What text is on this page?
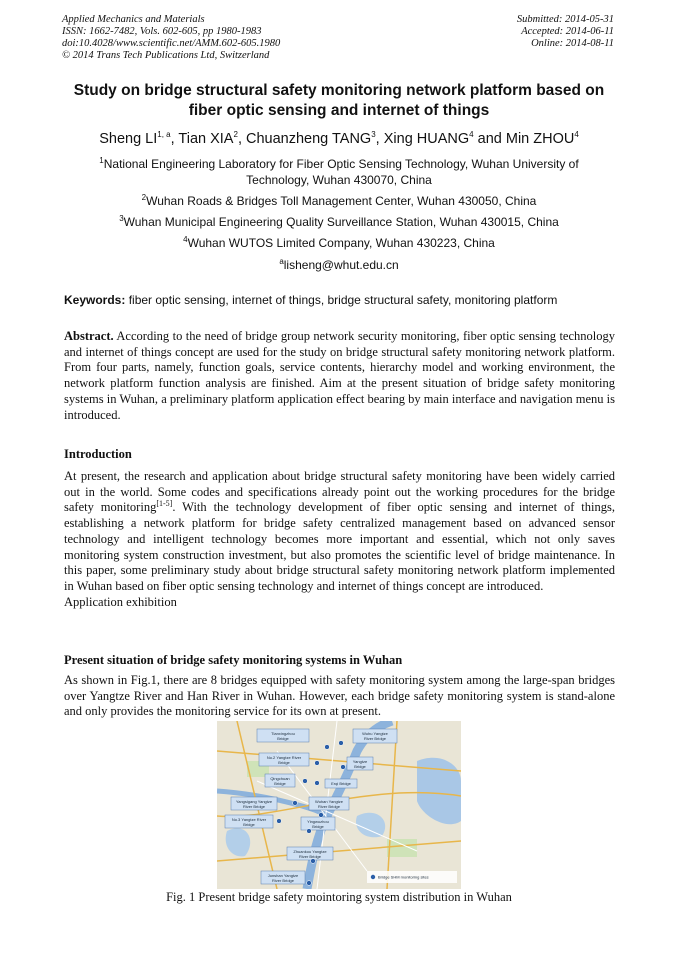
Applied Mechanics and Materials
ISSN: 1662-7482, Vols. 602-605, pp 1980-1983
doi:10.4028/www.scientific.net/AMM.602-605.1980
© 2014 Trans Tech Publications Ltd, Switzerland
Submitted: 2014-05-31
Accepted: 2014-06-11
Online: 2014-08-11
Study on bridge structural safety monitoring network platform based on fiber optic sensing and internet of things
Sheng LI$^{1, a}$, Tian XIA$^2$, Chuanzheng TANG$^3$, Xing HUANG$^4$ and Min ZHOU$^4$
$^1$National Engineering Laboratory for Fiber Optic Sensing Technology, Wuhan University of Technology, Wuhan 430070, China
$^2$Wuhan Roads & Bridges Toll Management Center, Wuhan 430050, China
$^3$Wuhan Municipal Engineering Quality Surveillance Station, Wuhan 430015, China
$^4$Wuhan WUTOS Limited Company, Wuhan 430223, China
$^a$lisheng@whut.edu.cn
Keywords: fiber optic sensing, internet of things, bridge structural safety, monitoring platform
Abstract. According to the need of bridge group network security monitoring, fiber optic sensing technology and internet of things concept are used for the study on bridge structural safety monitoring network platform. From four parts, namely, function goals, service contents, hierarchy model and working environment, the network platform function analysis are finished. Aim at the present situation of bridge safety monitoring systems in Wuhan, a preliminary platform application effect bearing by main interface and navigation menu is introduced.
Introduction
At present, the research and application about bridge structural safety monitoring have been widely carried out in the world. Some codes and specifications already point out the working procedures for the bridge safety monitoring[1-5]. With the technology development of fiber optic sensing and internet of things, establishing a network platform for bridge safety centralized management based on advanced sensor technology and intelligent technology becomes more important and essential, which not only saves monitoring system construction investment, but also promotes the scientific level of bridge maintenance. In this paper, some preliminary study about bridge structural safety monitoring network platform implemented in Wuhan based on fiber optic sensing technology and internet of things concept are introduced.
Application exhibition
Present situation of bridge safety monitoring systems in Wuhan
As shown in Fig.1, there are 8 bridges equipped with safety monitoring system among the large-span bridges over Yangtze River and Han River in Wuhan. However, each bridge safety monitoring system is stand-alone and only provides the monitoring service for its own at present.
Tianxingzhou
Bridge
Wuhu Yangtze
River Bridge
No.2 Yangtze River
Bridge	Yangtze
Bridge
Qingchuan
Bridge	Erqi Bridge
Yangsigang Yangtze
River Bridge
Wuhan Yangtze
River Bridge
No.3 Yangtze River
Bridge
Yingwuzhou
Bridge
Zhuankou Yangtze
River Bridge
Junshan Yangtze
River Bridge
Bridge SHM monitoring sites
Fig. 1 Present bridge safety mointoring system distribution in Wuhan
